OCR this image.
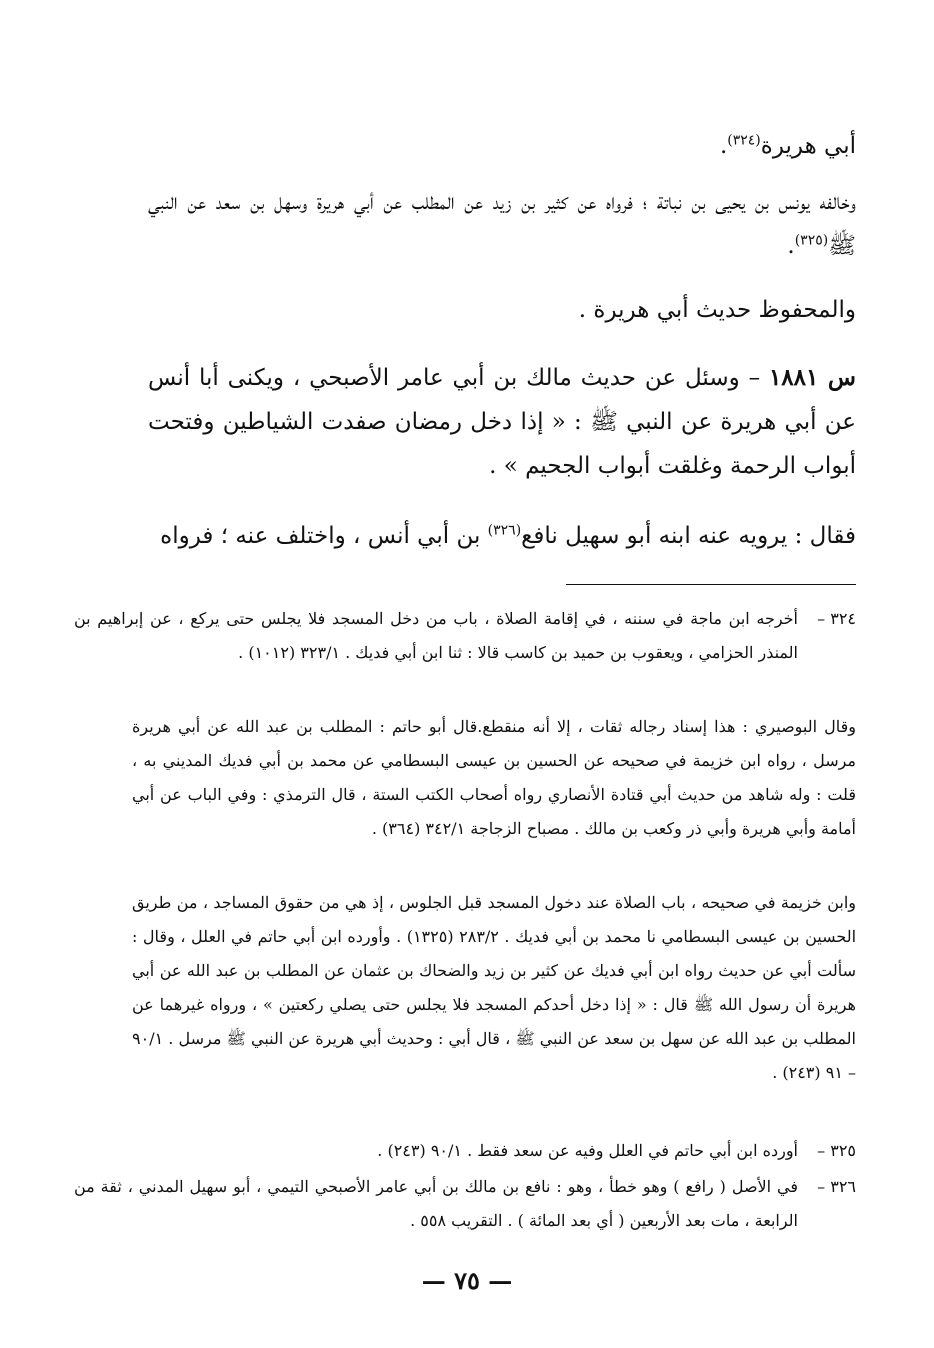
أبي هريرة$^{(٣٢٤)}$.
وخالفه يونس بن يحيى بن نباتة ؛ فرواه عن كثير بن زيد عن المطلب عن أبي هريرة وسهل بن سعد عن النبي ﷺ$^{(٣٢٥)}$.
والمحفوظ حديث أبي هريرة .
س ١٨٨١ – وسئل عن حديث مالك بن أبي عامر الأصبحي ، ويكنى أبا أنس عن أبي هريرة عن النبي ﷺ : « إذا دخل رمضان صفدت الشياطين وفتحت أبواب الرحمة وغلقت أبواب الجحيم » .
فقال : يرويه عنه ابنه أبو سهيل نافع$^{(٣٢٦)}$ بن أبي أنس ، واختلف عنه ؛ فرواه
٣٢٤ –
أخرجه ابن ماجة في سننه ، في إقامة الصلاة ، باب من دخل المسجد فلا يجلس حتى يركع ، عن إبراهيم بن المنذر الحزامي ، ويعقوب بن حميد بن كاسب قالا : ثنا ابن أبي فديك . ٣٢٣/١ (١٠١٢) .
وقال البوصيري : هذا إسناد رجاله ثقات ، إلا أنه منقطع.قال أبو حاتم : المطلب بن عبد الله عن أبي هريرة مرسل ، رواه ابن خزيمة في صحيحه عن الحسين بن عيسى البسطامي عن محمد بن أبي فديك المديني به ، قلت : وله شاهد من حديث أبي قتادة الأنصاري رواه أصحاب الكتب الستة ، قال الترمذي : وفي الباب عن أبي أمامة وأبي هريرة وأبي ذر وكعب بن مالك . مصباح الزجاجة ٣٤٢/١ (٣٦٤) .
وابن خزيمة في صحيحه ، باب الصلاة عند دخول المسجد قبل الجلوس ، إذ هي من حقوق المساجد ، من طريق الحسين بن عيسى البسطامي نا محمد بن أبي فديك . ٢٨٣/٢ (١٣٢٥) . وأورده ابن أبي حاتم في العلل ، وقال : سألت أبي عن حديث رواه ابن أبي فديك عن كثير بن زيد والضحاك بن عثمان عن المطلب بن عبد الله عن أبي هريرة أن رسول الله ﷺ قال : « إذا دخل أحدكم المسجد فلا يجلس حتى يصلي ركعتين » ، ورواه غيرهما عن المطلب بن عبد الله عن سهل بن سعد عن النبي ﷺ ، قال أبي : وحديث أبي هريرة عن النبي ﷺ مرسل . ٩٠/١ – ٩١ (٢٤٣) .
٣٢٥ –
أورده ابن أبي حاتم في العلل وفيه عن سعد فقط . ٩٠/١ (٢٤٣) .
٣٢٦ –
في الأصل ( رافع ) وهو خطأ ، وهو : نافع بن مالك بن أبي عامر الأصبحي التيمي ، أبو سهيل المدني ، ثقة من الرابعة ، مات بعد الأربعين ( أي بعد المائة ) . التقريب ٥٥٨ .
— ٧٥ —
